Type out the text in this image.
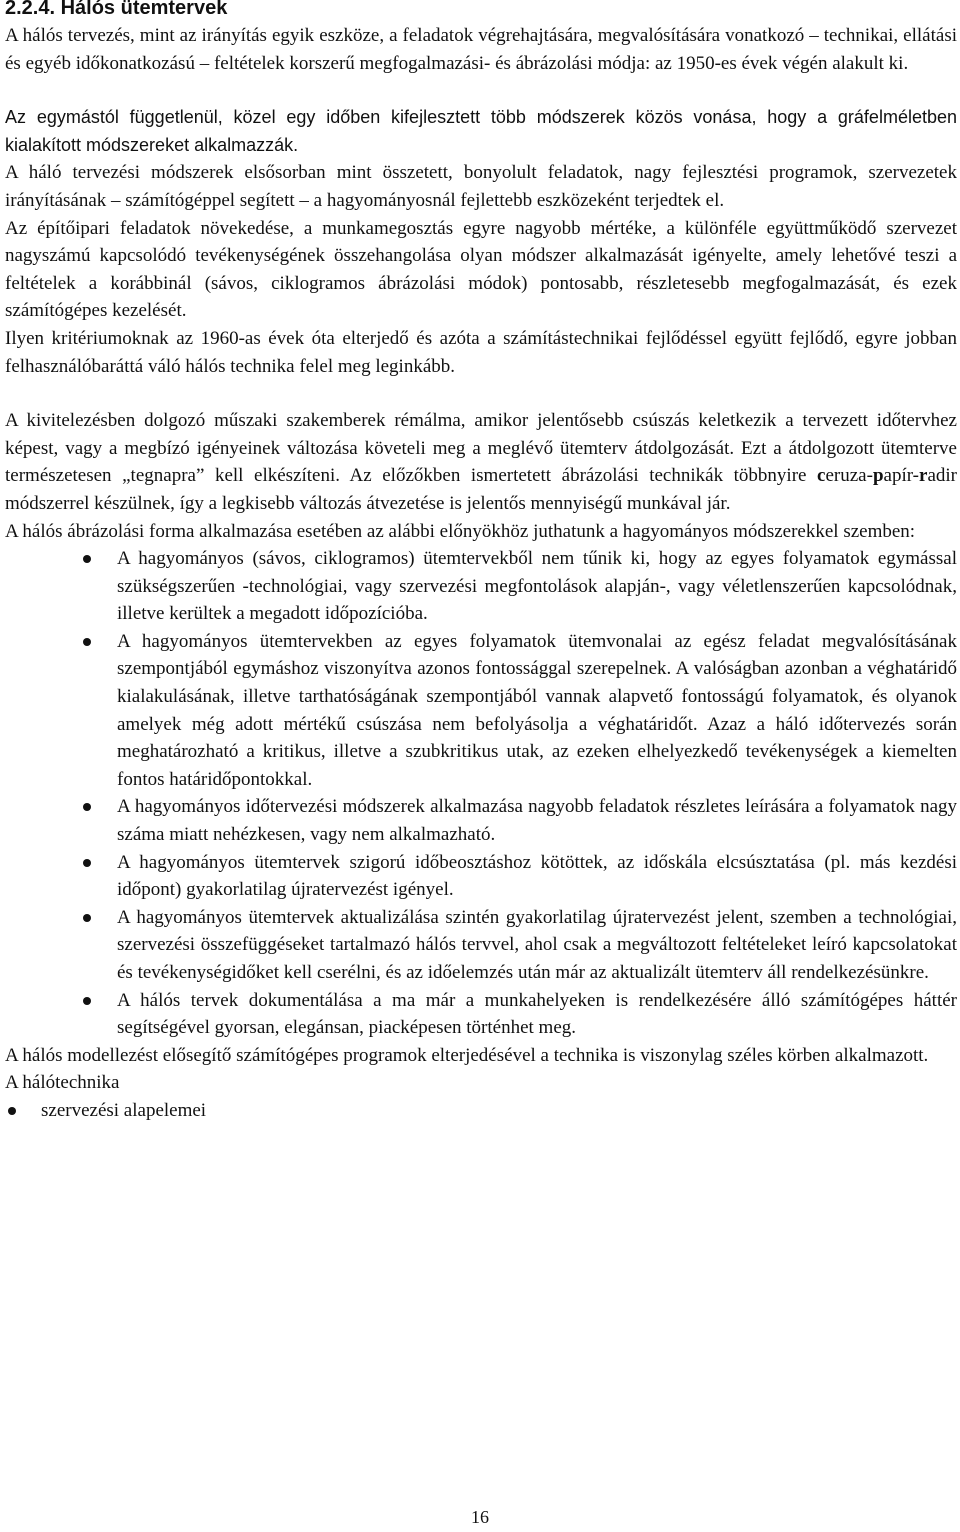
2.2.4. Hálós ütemtervek

A hálós tervezés, mint az irányítás egyik eszköze, a feladatok végrehajtására, megvalósítására vonatkozó – technikai, ellátási és egyéb időkonatkozású – feltételek korszerű megfogalmazási- és ábrázolási módja: az 1950-es évek végén alakult ki.

Az egymástól függetlenül, közel egy időben kifejlesztett több módszerek közös vonása, hogy a gráfelméletben kialakított módszereket alkalmazzák.

A háló tervezési módszerek elsősorban mint összetett, bonyolult feladatok, nagy fejlesztési programok, szervezetek irányításának – számítógéppel segített – a hagyományosnál fejlettebb eszközeként terjedtek el.

Az építőipari feladatok növekedése, a munkamegosztás egyre nagyobb mértéke, a különféle együttműködő szervezet nagyszámú kapcsolódó tevékenységének összehangolása olyan módszer alkalmazását igényelte, amely lehetővé teszi a feltételek a korábbinál (sávos, ciklogramos ábrázolási módok) pontosabb, részletesebb megfogalmazását, és ezek számítógépes kezelését.

Ilyen kritériumoknak az 1960-as évek óta elterjedő és azóta a számítástechnikai fejlődéssel együtt fejlődő, egyre jobban felhasználóbaráttá váló hálós technika felel meg leginkább.

A kivitelezésben dolgozó műszaki szakemberek rémálma, amikor jelentősebb csúszás keletkezik a tervezett időtervhez képest, vagy a megbízó igényeinek változása követeli meg a meglévő ütemterv átdolgozását. Ezt a átdolgozott ütemterve természetesen „tegnapra” kell elkészíteni. Az előzőkben ismertetett ábrázolási technikák többnyire ceruza-papír-radir módszerrel készülnek, így a legkisebb változás átvezetése is jelentős mennyiségű munkával jár.

A hálós ábrázolási forma alkalmazása esetében az alábbi előnyökhöz juthatunk a hagyományos módszerekkel szemben:

A hagyományos (sávos, ciklogramos) ütemtervekből nem tűnik ki, hogy az egyes folyamatok egymással szükségszerűen -technológiai, vagy szervezési megfontolások alapján-, vagy véletlenszerűen kapcsolódnak, illetve kerültek a megadott időpozícióba.
A hagyományos ütemtervekben az egyes folyamatok ütemvonalai az egész feladat megvalósításának szempontjából egymáshoz viszonyítva azonos fontossággal szerepelnek. A valóságban azonban a véghatáridő kialakulásának, illetve tarthatóságának szempontjából vannak alapvető fontosságú folyamatok, és olyanok amelyek még adott mértékű csúszása nem befolyásolja a véghatáridőt. Azaz a háló időtervezés során meghatározható a kritikus, illetve a szubkritikus utak, az ezeken elhelyezkedő tevékenységek a kiemelten fontos határidőpontokkal.
A hagyományos időtervezési módszerek alkalmazása nagyobb feladatok részletes leírására a folyamatok nagy száma miatt nehézkesen, vagy nem alkalmazható.
A hagyományos ütemtervek szigorú időbeosztáshoz kötöttek, az időskála elcsúsztatása (pl. más kezdési időpont) gyakorlatilag újratervezést igényel.
A hagyományos ütemtervek aktualizálása szintén gyakorlatilag újratervezést jelent, szemben a technológiai, szervezési összefüggéseket tartalmazó hálós tervvel, ahol csak a megváltozott feltételeket leíró kapcsolatokat és tevékenységidőket kell cserélni, és az időelemzés után már az aktualizált ütemterv áll rendelkezésünkre.
A hálós tervek dokumentálása a ma már a munkahelyeken is rendelkezésére álló számítógépes háttér segítségével gyorsan, elegánsan, piacképesen történhet meg.

A hálós modellezést elősegítő számítógépes programok elterjedésével a technika is viszonylag széles körben alkalmazott.

A hálótechnika

szervezési alapelemei
16
